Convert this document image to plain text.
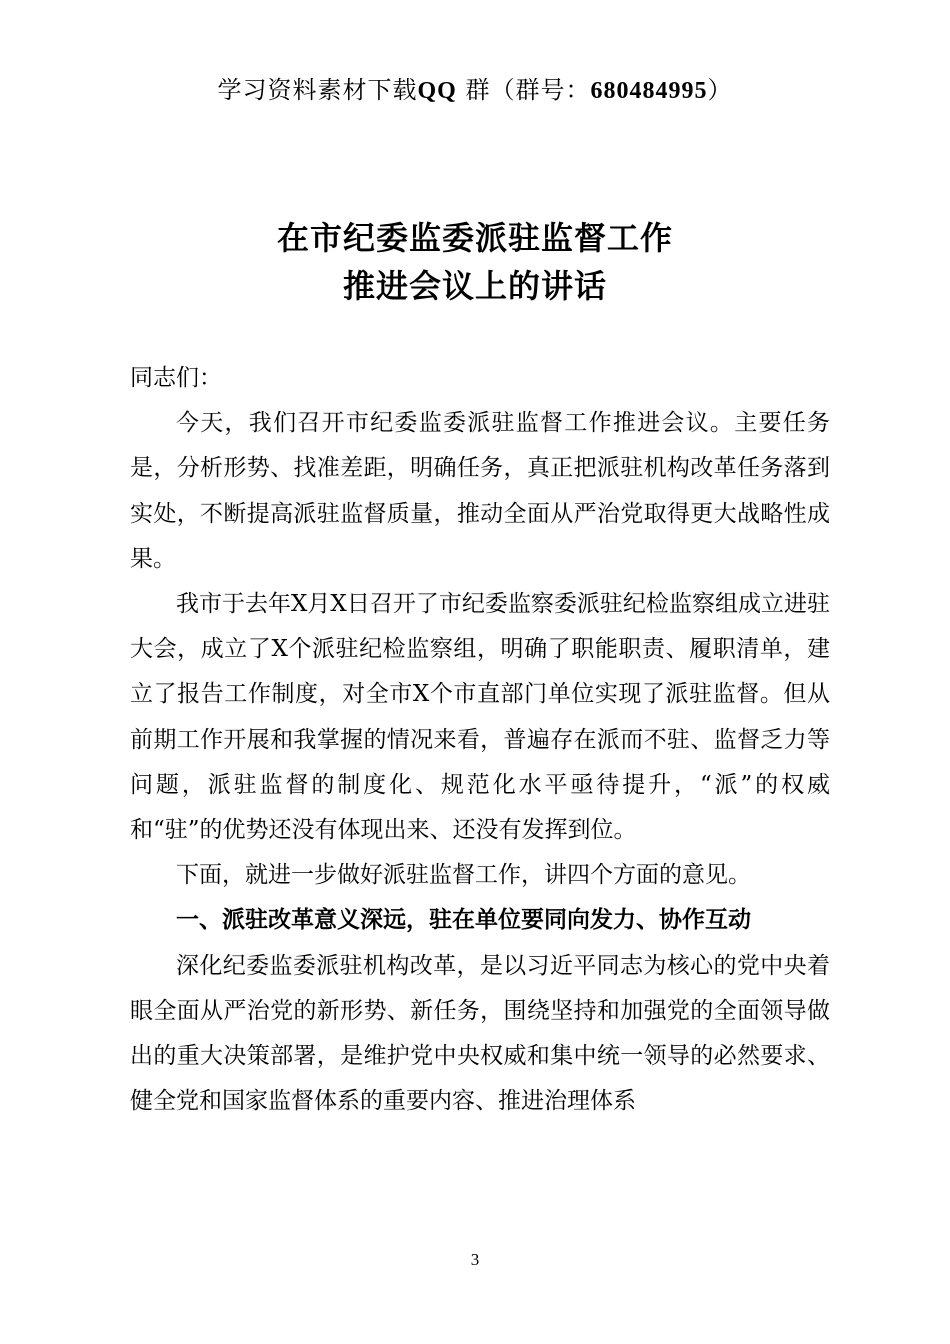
学习资料素材下载QQ 群（群号：680484995）
在市纪委监委派驻监督工作
推进会议上的讲话

同志们：

今天，我们召开市纪委监委派驻监督工作推进会议。主要任务是，分析形势、找准差距，明确任务，真正把派驻机构改革任务落到实处，不断提高派驻监督质量，推动全面从严治党取得更大战略性成果。

我市于去年X月X日召开了市纪委监察委派驻纪检监察组成立进驻大会，成立了X个派驻纪检监察组，明确了职能职责、履职清单，建立了报告工作制度，对全市X个市直部门单位实现了派驻监督。但从前期工作开展和我掌握的情况来看，普遍存在派而不驻、监督乏力等问题，派驻监督的制度化、规范化水平亟待提升，“派”的权威和“驻”的优势还没有体现出来、还没有发挥到位。

下面，就进一步做好派驻监督工作，讲四个方面的意见。

一、派驻改革意义深远，驻在单位要同向发力、协作互动

深化纪委监委派驻机构改革，是以习近平同志为核心的党中央着眼全面从严治党的新形势、新任务，围绕坚持和加强党的全面领导做出的重大决策部署，是维护党中央权威和集中统一领导的必然要求、健全党和国家监督体系的重要内容、推进治理体系

3
